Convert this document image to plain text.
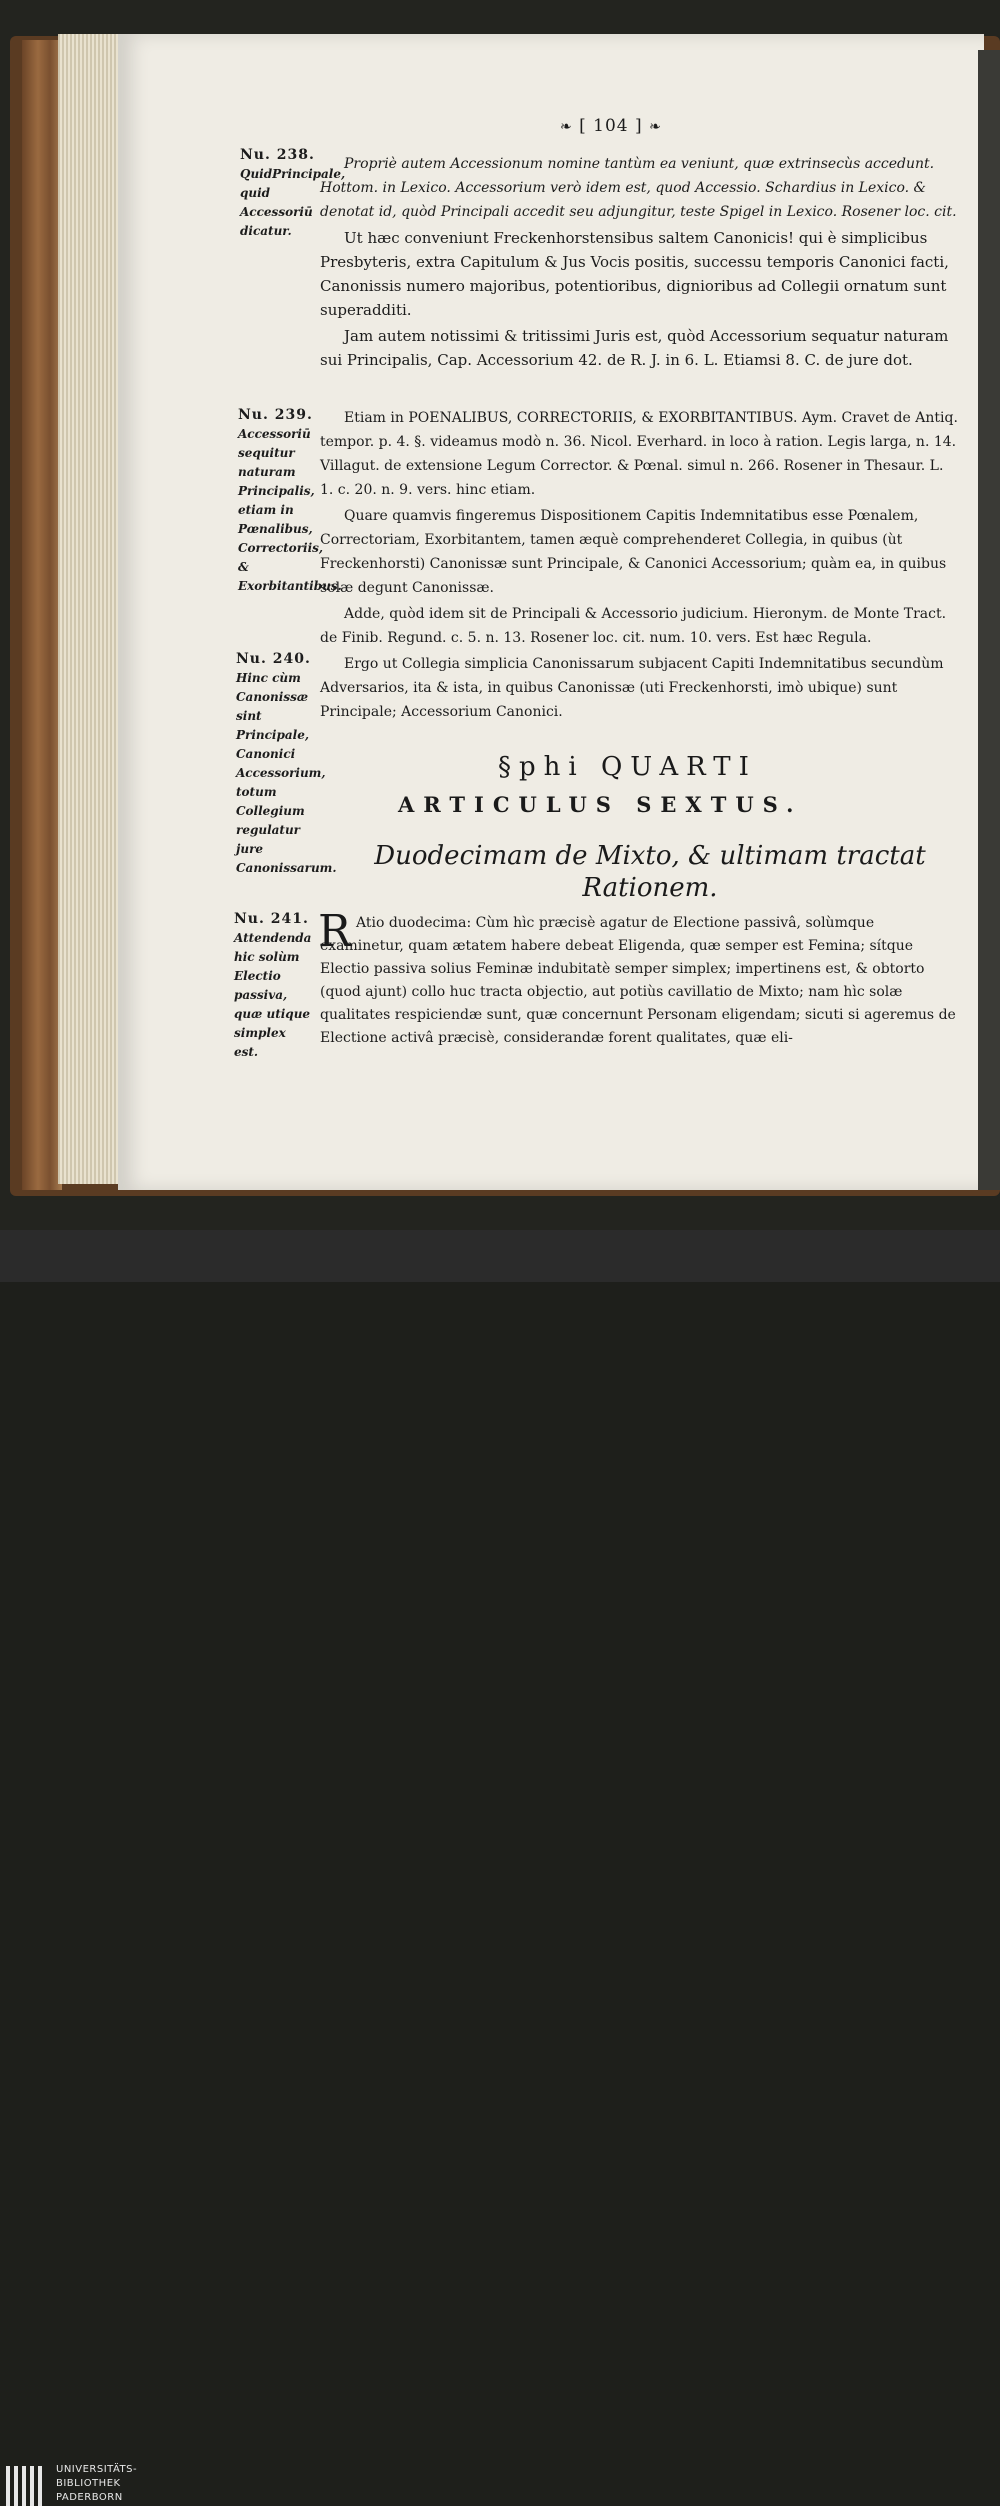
❧ [ 104 ] ❧
Nu. 238.
QuidPrincipale, quid Accessoriū dicatur.
Nu. 239.
Accessoriū sequitur naturam Principalis, etiam in Pœnalibus, Correctoriis, & Exorbitantibus.
Nu. 240.
Hinc cùm Canonissæ sint Principale, Canonici Accessorium, totum Collegium regulatur jure Canonissarum.
Nu. 241.
Attendenda hic solùm Electio passiva, quæ utique simplex est.

Propriè autem Accessionum nomine tantùm ea veniunt, quæ extrinsecùs accedunt. Hottom. in Lexico. Accessorium verò idem est, quod Accessio. Schardius in Lexico. & denotat id, quòd Principali accedit seu adjungitur, teste Spigel in Lexico. Rosener loc. cit.

Ut hæc conveniunt Freckenhorstensibus saltem Canonicis! qui è simplicibus Presbyteris, extra Capitulum & Jus Vocis positis, successu temporis Canonici facti, Canonissis numero majoribus, potentioribus, dignioribus ad Collegii ornatum sunt superadditi.

Jam autem notissimi & tritissimi Juris est, quòd Accessorium sequatur naturam sui Principalis, Cap. Accessorium 42. de R. J. in 6. L. Etiamsi 8. C. de jure dot.

Etiam in POENALIBUS, CORRECTORIIS, & EXORBITANTIBUS. Aym. Cravet de Antiq. tempor. p. 4. §. videamus modò n. 36. Nicol. Everhard. in loco à ration. Legis larga, n. 14. Villagut. de extensione Legum Corrector. & Pœnal. simul n. 266. Rosener in Thesaur. L. 1. c. 20. n. 9. vers. hinc etiam.

Quare quamvis fingeremus Dispositionem Capitis Indemnitatibus esse Pœnalem, Correctoriam, Exorbitantem, tamen æquè comprehenderet Collegia, in quibus (ùt Freckenhorsti) Canonissæ sunt Principale, & Canonici Accessorium; quàm ea, in quibus solæ degunt Canonissæ.

Adde, quòd idem sit de Principali & Accessorio judicium. Hieronym. de Monte Tract. de Finib. Regund. c. 5. n. 13. Rosener loc. cit. num. 10. vers. Est hæc Regula.

Ergo ut Collegia simplicia Canonissarum subjacent Capiti Indemnitatibus secundùm Adversarios, ita & ista, in quibus Canonissæ (uti Freckenhorsti, imò ubique) sunt Principale; Accessorium Canonici.

§phi QUARTI
ARTICULUS SEXTUS.
Duodecimam de Mixto, & ultimam tractat Rationem.
R Atio duodecima: Cùm hìc præcisè agatur de Electione passivâ, solùmque examinetur, quam ætatem habere debeat Eligenda, quæ semper est Femina; sítque Electio passiva solius Feminæ indubitatè semper simplex; impertinens est, & obtorto (quod ajunt) collo huc tracta objectio, aut potiùs cavillatio de Mixto; nam hìc solæ qualitates respiciendæ sunt, quæ concernunt Personam eligendam; sicuti si ageremus de Electione activâ præcisè, considerandæ forent qualitates, quæ eli-

UNIVERSITÄTS-
BIBLIOTHEK
PADERBORN
